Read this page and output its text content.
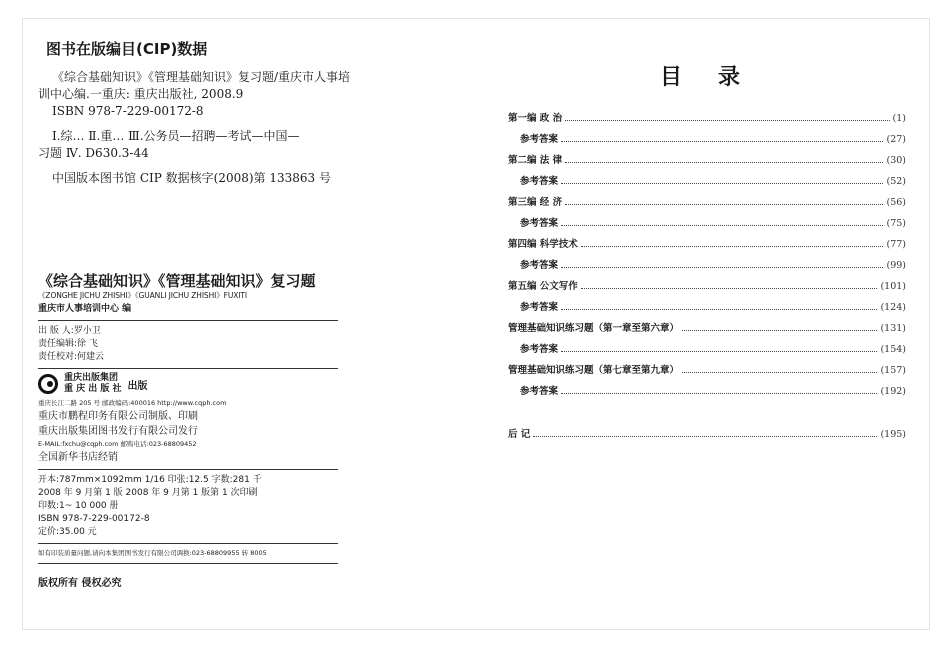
图书在版编目(CIP)数据
《综合基础知识》《管理基础知识》复习题/重庆市人事培
训中心编.一重庆: 重庆出版社, 2008.9
ISBN 978-7-229-00172-8
Ⅰ.综… Ⅱ.重… Ⅲ.公务员—招聘—考试—中国—
习题 Ⅳ. D630.3-44
中国版本图书馆 CIP 数据核字(2008)第 133863 号
《综合基础知识》《管理基础知识》复习题
《ZONGHE JICHU ZHISHI》《GUANLI JICHU ZHISHI》FUXITI
重庆市人事培训中心 编
出 版 人:罗小卫
责任编辑:徐 飞
责任校对:何建云
重庆出版集团
重 庆 出 版 社 出版
重庆长江二路 205 号 邮政编码:400016 http://www.cqph.com
重庆市鹏程印务有限公司制版、印刷
重庆出版集团图书发行有限公司发行
E-MAIL:fxchu@cqph.com 邮购电话:023-68809452
全国新华书店经销
开本:787mm×1092mm 1/16 印张:12.5 字数:281 千
2008 年 9 月第 1 版 2008 年 9 月第 1 版第 1 次印刷
印数:1~ 10 000 册
ISBN 978-7-229-00172-8
定价:35.00 元
如有印装质量问题,请向本集团图书发行有限公司调换:023-68809955 转 8005
版权所有 侵权必究
目 录
第一编 政 治	(1)
参考答案	(27)
第二编 法 律	(30)
参考答案	(52)
第三编 经 济	(56)
参考答案	(75)
第四编 科学技术	(77)
参考答案	(99)
第五编 公文写作	(101)
参考答案	(124)
管理基础知识练习题（第一章至第六章）	(131)
参考答案	(154)
管理基础知识练习题（第七章至第九章）	(157)
参考答案	(192)
后 记	(195)
